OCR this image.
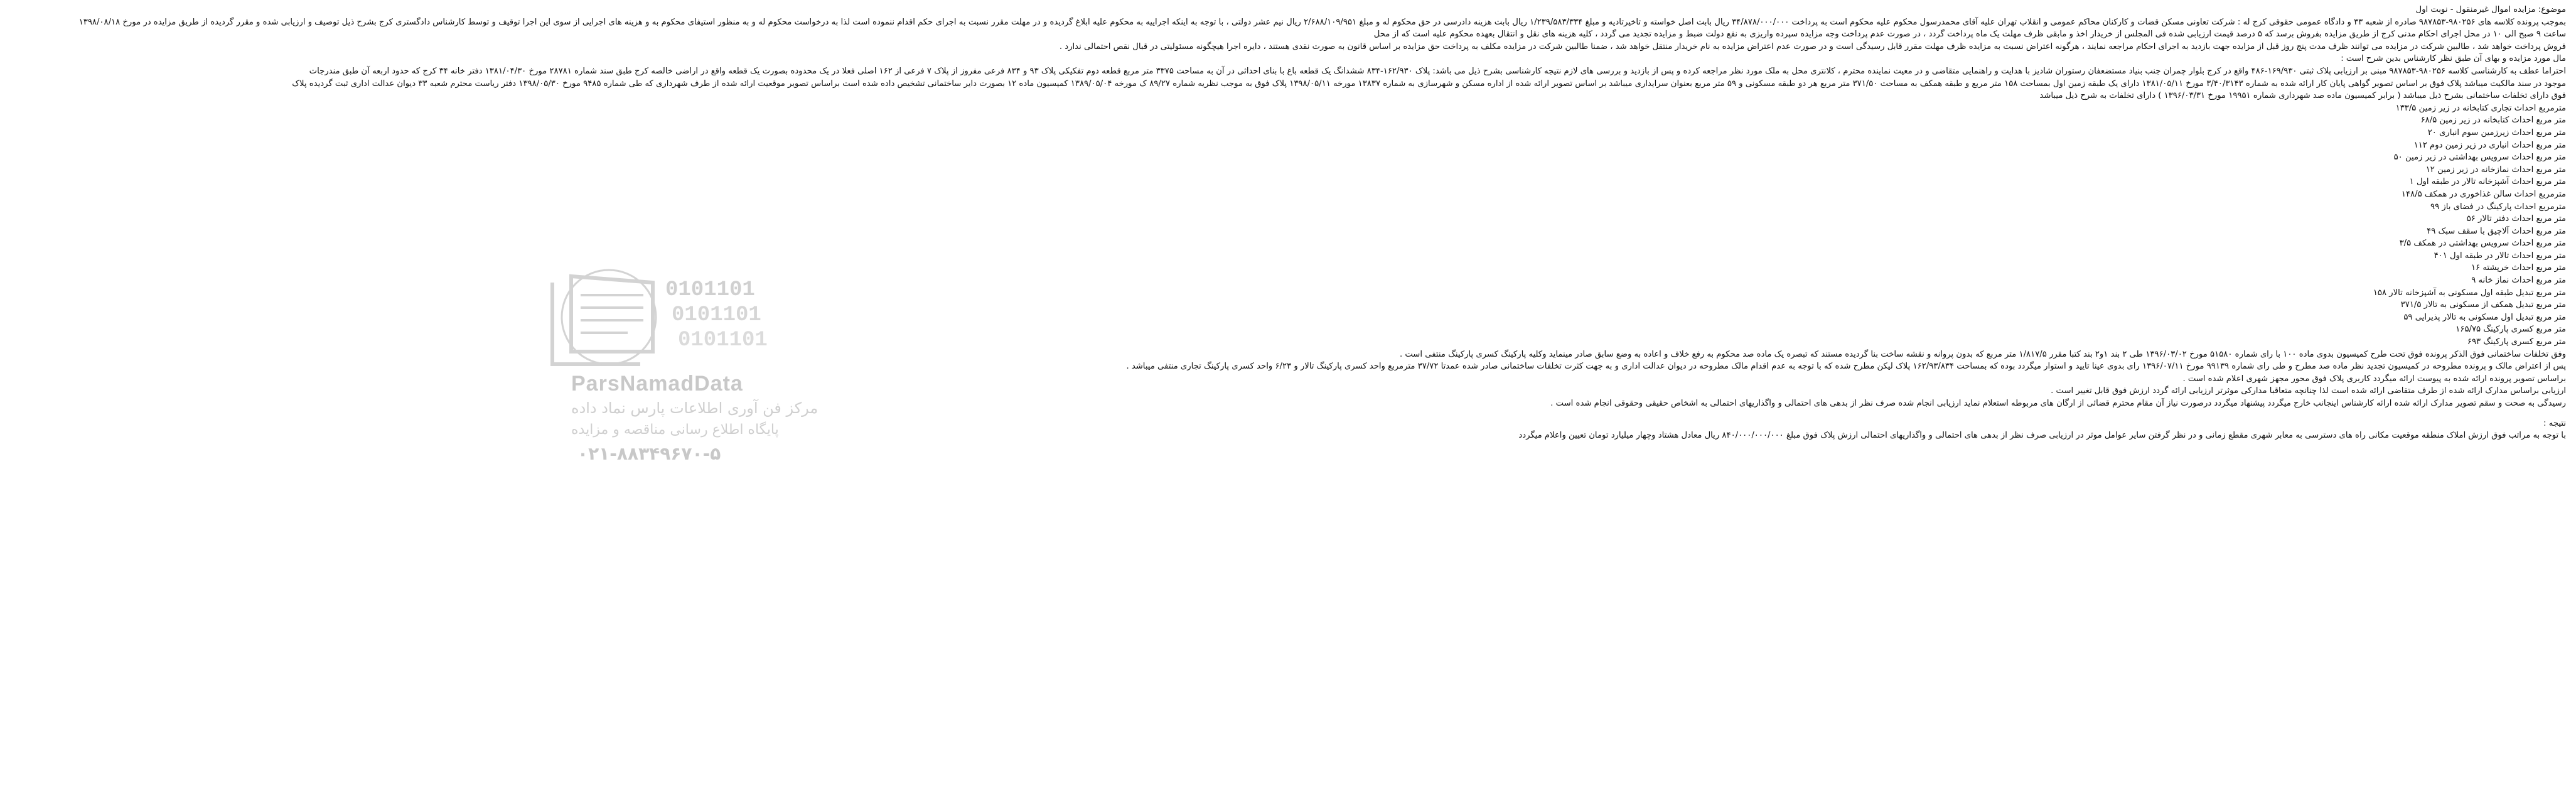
موضوع: مزایده اموال غیرمنقول - نوبت اول
بموجب پرونده کلاسه های ۹۸۰۲۵۶-۹۸۷۸۵۳ صادره از شعبه ۳۳ و دادگاه عمومی حقوقی کرج له : شرکت تعاونی مسکن قضات و کارکنان محاکم عمومی و انقلاب تهران علیه آقای محمدرسول محکوم علیه محکوم است به پرداخت ۳۴/۸۷۸/۰۰۰/۰۰۰ ریال بابت اصل خواسته و تاخیرتادیه و مبلغ ۱/۲۳۹/۵۸۳/۳۳۴ ریال بابت هزینه دادرسی در حق محکوم له و مبلغ ۲/۶۸۸/۱۰۹/۹۵۱ ریال نیم عشر دولتی ، با توجه به اینکه اجراییه به محکوم علیه ابلاغ گردیده و در مهلت مقرر نسبت به اجرای حکم اقدام ننموده است لذا به درخواست محکوم له و به منظور استیفای محکوم به و هزینه های اجرایی از سوی این اجرا توقیف و توسط کارشناس دادگستری کرج بشرح ذیل توصیف و ارزیابی شده و مقرر گردیده از طریق مزایده در مورخ ۱۳۹۸/۰۸/۱۸
ساعت ۹ صبح الی ۱۰ در محل اجرای احکام مدنی کرج از طریق مزایده بفروش برسد که ۵ درصد قیمت ارزیابی شده فی المجلس از خریدار اخذ و مابقی ظرف مهلت یک ماه پرداخت گردد ، در صورت عدم پرداخت وجه مزایده سپرده واریزی به نفع دولت ضبط و مزایده تجدید می گردد ، کلیه هزینه های نقل و انتقال بعهده محکوم علیه است که از محل
فروش پرداخت خواهد شد ، طالبین شرکت در مزایده می توانند ظرف مدت پنج روز قبل از مزایده جهت بازدید به اجرای احکام مراجعه نمایند ، هرگونه اعتراض نسبت به مزایده ظرف مهلت مقرر قابل رسیدگی است و در صورت عدم اعتراض مزایده به نام خریدار منتقل خواهد شد ، ضمنا طالبین شرکت در مزایده مکلف به پرداخت حق مزایده بر اساس قانون به صورت نقدی هستند ، دایره اجرا هیچگونه مسئولیتی در قبال نقص احتمالی ندارد .
مال مورد مزایده و بهای آن طبق نظر کارشناس بدین شرح است :
احتراما عطف به کارشناسی کلاسه ۹۸۰۲۵۶-۹۸۷۸۵۳ مبنی بر ارزیابی پلاک ثبتی ۱۶۹/۹۳۰-۴۸۶ واقع در کرج بلوار چمران جنب بنیاد مستضعفان رستوران شادیز با هدایت و راهنمایی متقاضی و در معیت نماینده محترم ، کلانتری محل به ملک مورد نظر مراجعه کرده و پس از بازدید و بررسی های لازم نتیجه کارشناسی بشرح ذیل می باشد: پلاک ۱۶۲/۹۳۰-۸۳۴ ششدانگ یک قطعه باغ با بنای احداثی در آن به مساحت ۳۳۷۵ متر مربع قطعه دوم تفکیکی پلاک ۹۳ و ۸۳۴ فرعی مفروز از پلاک ۷ فرعی از ۱۶۲ اصلی فعلا در یک محدوده بصورت یک قطعه واقع در اراضی خالصه کرج طبق سند شماره ۲۸۷۸۱ مورخ ۱۳۸۱/۰۴/۳۰ دفتر خانه ۳۴ کرج که حدود اربعه آن طبق مندرجات
موجود در سند مالکیت میباشد پلاک فوق بر اساس تصویر گواهی پایان کار ارائه شده به شماره ۳/۴۰/۳۱۴۳ مورخ ۱۳۸۱/۰۵/۱۱ دارای یک طبقه زمین اول بمساحت ۱۵۸ متر مربع و طبقه همکف به مساحت ۳۷۱/۵۰ متر مربع هر دو طبقه مسکونی و ۵۹ متر مربع بعنوان سرایداری میباشد بر اساس تصویر ارائه شده از اداره مسکن و شهرسازی به شماره ۱۳۸۳۷ مورخه ۱۳۹۸/۰۵/۱۱ پلاک فوق به موجب نظریه شماره ۸۹/۲۷ ک مورخه ۱۳۸۹/۰۵/۰۴ کمیسیون ماده ۱۲ بصورت دایر ساختمانی تشخیص داده شده است براساس تصویر موقعیت ارائه شده از طرف شهرداری که طی شماره ۹۴۸۵ مورخ ۱۳۹۸/۰۵/۳۰ دفتر ریاست محترم شعبه ۳۳ دیوان عدالت اداری ثبت گردیده پلاک
فوق دارای تخلفات ساختمانی بشرح ذیل میباشد ( برابر کمیسیون ماده صد شهرداری شماره ۱۹۹۵۱ مورخ ۱۳۹۶/۰۳/۳۱ ) دارای تخلفات به شرح ذیل میباشد
مترمربع احداث تجاری کتابخانه در زیر زمین ۱۳۳/۵
متر مربع احداث کتابخانه در زیر زمین ۶۸/۵
متر مربع احداث زیرزمین سوم انباری ۲۰
متر مربع احداث انباری در زیر زمین دوم ۱۱۲
متر مربع احداث سرویس بهداشتی در زیر زمین ۵۰
متر مربع احداث نمازخانه در زیر زمین ۱۲
متر مربع احداث آشپزخانه تالار در طبقه اول ۱
مترمربع احداث سالن غذاخوری در همکف ۱۴۸/۵
مترمربع احداث پارکینگ در فضای باز ۹۹
متر مربع احداث دفتر تالار ۵۶
متر مربع احداث آلاچیق با سقف سبک ۴۹
متر مربع احداث سرویس بهداشتی در همکف ۳/۵
متر مربع احداث تالار در طبقه اول ۴۰۱
متر مربع احداث خرپشته ۱۶
متر مربع احداث نماز خانه ۹
متر مربع تبدیل طبقه اول مسکونی به آشپزخانه تالار ۱۵۸
متر مربع تبدیل همکف از مسکونی به تالار ۳۷۱/۵
متر مربع تبدیل اول مسکونی به تالار پذیرایی ۵۹
متر مربع کسری پارکینگ ۱۶۵/۷۵
متر مربع کسری پارکینگ ۶۹۳
وفق تخلفات ساختمانی فوق الذکر پرونده فوق تحت طرح کمیسیون بدوی ماده ۱۰۰ با رای شماره ۵۱۵۸۰ مورخ ۱۳۹۶/۰۳/۰۲ طی ۲ بند ۱و۲ بند کتبا مقرر ۱/۸۱۷/۵ متر مربع که بدون پروانه و نقشه ساخت بنا گردیده مستند که تبصره یک ماده صد محکوم به رفع خلاف و اعاده به وضع سابق صادر مینماید وکلیه پارکینگ کسری پارکینگ منتفی است .
پس از اعتراض مالک و پرونده مطروحه در کمیسیون تجدید نظر ماده صد مطرح و طی رای شماره ۹۹۱۳۹ مورخ ۱۳۹۶/۰۷/۱۱ رای بدوی عینا تایید و استوار میگردد بوده که بمساحت ۱۶۲/۹۳/۸۳۴ پلاک لیکن مطرح شده که با توجه به عدم اقدام مالک مطروحه در دیوان عدالت اداری و به جهت کثرت تخلفات ساختمانی صادر شده عمدتا ۳۷/۷۲ مترمربع واحد کسری پارکینگ تالار و ۶/۲۳ واحد کسری پارکینگ تجاری منتفی میباشد .
براساس تصویر پرونده ارائه شده به پیوست ارائه میگردد کاربری پلاک فوق محور مجهز شهری اعلام شده است .
ارزیابی براساس مدارک ارائه شده از طرف متقاضی ارائه شده است لذا چنانچه متعاقبا مدارکی موثرتر ارزیابی ارائه گردد ارزش فوق قابل تغییر است .
رسیدگی به صحت و سقم تصویر مدارک ارائه شده ارائه کارشناس اینجانب خارج میگردد پیشنهاد میگردد درصورت نیاز آن مقام محترم قضائی از ارگان های مربوطه استعلام نماید ارزیابی انجام شده صرف نظر از بدهی های احتمالی و واگذاریهای احتمالی به اشخاص حقیقی وحقوقی انجام شده است .
نتیجه :
با توجه به مراتب فوق ارزش املاک منطقه موقعیت مکانی راه های دسترسی به معابر شهری مقطع زمانی و در نظر گرفتن سایر عوامل موثر در ارزیابی صرف نظر از بدهی های احتمالی و واگذاریهای احتمالی ارزش پلاک فوق مبلغ ۸۴۰/۰۰۰/۰۰۰/۰۰۰ ریال معادل هشتاد وچهار میلیارد تومان تعیین واعلام میگردد
0101101
0101101
0101101
ParsNamadData
مرکز فن آوری اطلاعات پارس نماد داده
پایگاه اطلاع رسانی مناقصه و مزایده
۰۲۱-۸۸۳۴۹۶۷۰-۵
